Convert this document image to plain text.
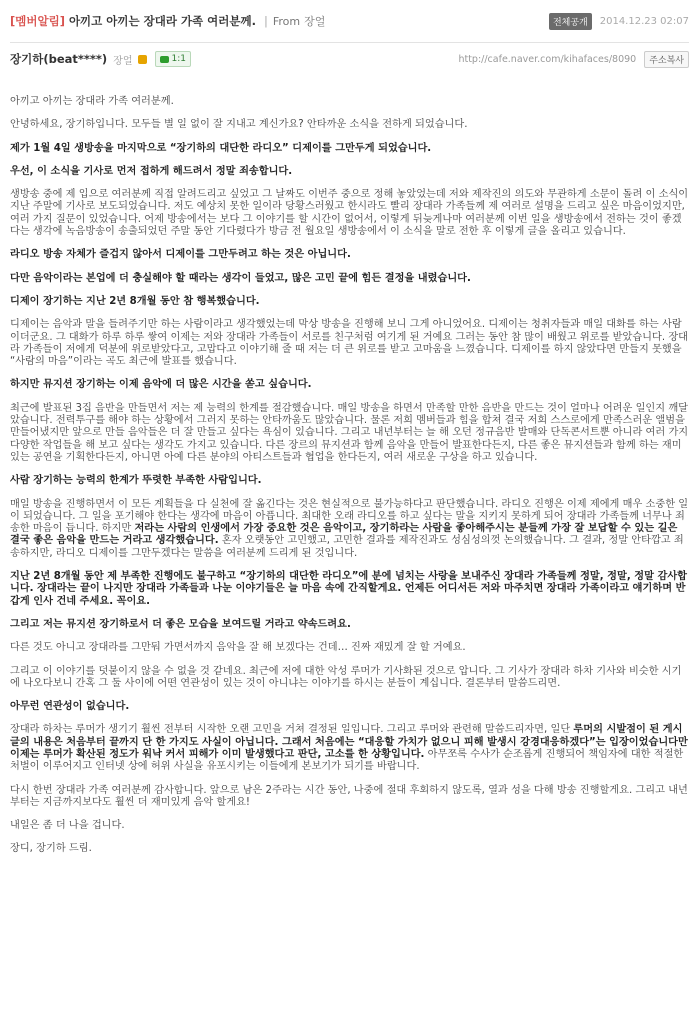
[멤버알림] 아끼고 아끼는 장대라 가족 여러분께. | From 장얼	전체공개	2014.12.23 02:07
장기하(beat****) 장얼	1:1	http://cafe.naver.com/kihafaces/8090	주소복사

아끼고 아끼는 장대라 가족 여러분께.

안녕하세요, 장기하입니다. 모두들 별 일 없이 잘 지내고 계신가요? 안타까운 소식을 전하게 되었습니다.

제가 1월 4일 생방송을 마지막으로 “장기하의 대단한 라디오” 디제이를 그만두게 되었습니다.

우선, 이 소식을 기사로 먼저 접하게 해드려서 정말 죄송합니다.

생방송 중에 제 입으로 여러분께 직접 알려드리고 싶었고 그 날짜도 이번주 중으로 정해 놓았었는데 저와 제작진의 의도와 무관하게 소문이 돌려 이 소식이 지난 주말에 기사로 보도되었습니다. 저도 예상치 못한 일이라 당황스러웠고 한시라도 빨리 장대라 가족들께 제 여러로 설명을 드리고 싶은 마음이었지만, 여러 가지 질문이 있었습니다. 어제 방송에서는 보다 그 이야기를 할 시간이 없어서, 이렇게 뒤늦게나마 여러분께 이번 일을 생방송에서 전하는 것이 좋겠다는 생각에 녹음방송이 송출되었던 주말 동안 기다렸다가 방금 전 월요일 생방송에서 이 소식을 말로 전한 후 이렇게 글을 올리고 있습니다.

라디오 방송 자체가 즐겁지 않아서 디제이를 그만두려고 하는 것은 아닙니다.

다만 음악이라는 본업에 더 충실해야 할 때라는 생각이 들었고, 많은 고민 끝에 힘든 결정을 내렸습니다.

디제이 장기하는 지난 2년 8개월 동안 참 행복했습니다.

디제이는 음악과 말을 들려주기만 하는 사람이라고 생각했었는데 막상 방송을 진행해 보니 그게 아니었어요. 디제이는 청취자들과 매일 대화를 하는 사람이더군요. 그 대화가 하루 하루 쌓여 이제는 저와 장대라 가족들이 서로를 친구처럼 여기게 된 거예요 그러는 동안 참 많이 배웠고 위로를 받았습니다. 장대라 가족들이 저에게 덕분에 위로받았다고, 고맙다고 이야기해 줄 때 저는 더 큰 위로를 받고 고마움을 느꼈습니다. 디제이를 하지 않았다면 만들지 못했을 “사람의 마음”이라는 곡도 최근에 발표를 했습니다.

하지만 뮤지션 장기하는 이제 음악에 더 많은 시간을 쏟고 싶습니다.

최근에 발표된 3집 음반을 만들면서 저는 제 능력의 한계를 절감했습니다. 매일 방송을 하면서 만족할 만한 음반을 만드는 것이 얼마나 어려운 일인지 깨달았습니다. 전력투구를 해야 하는 상황에서 그러지 못하는 안타까움도 많았습니다. 물론 저희 멤버들과 힘을 합쳐 결국 저희 스스로에게 만족스러운 앨범을 만들어냈지만 앞으로 만들 음악들은 더 잘 만들고 싶다는 욕심이 있습니다. 그리고 내년부터는 늘 해 오던 정규음반 발매와 단독콘서트뿐 아니라 여러 가지 다양한 작업들을 해 보고 싶다는 생각도 가지고 있습니다. 다른 장르의 뮤지션과 함께 음악을 만들어 발표한다든지, 다른 좋은 뮤지션들과 함께 하는 재미있는 공연을 기획한다든지, 아니면 아예 다른 분야의 아티스트들과 협업을 한다든지, 여러 새로운 구상을 하고 있습니다.

사람 장기하는 능력의 한계가 뚜렷한 부족한 사람입니다.

매일 방송을 진행하면서 이 모든 계획들을 다 실천에 잘 옮긴다는 것은 현실적으로 불가능하다고 판단했습니다. 라디오 진행은 이제 제에게 매우 소중한 일이 되었습니다. 그 일을 포기해야 한다는 생각에 마음이 아픕니다. 최대한 오래 라디오를 하고 싶다는 말을 지키지 못하게 되어 장대라 가족들께 너무나 죄송한 마음이 듭니다. 하지만 저라는 사람의 인생에서 가장 중요한 것은 음악이고, 장기하라는 사람을 좋아해주시는 분들께 가장 잘 보답할 수 있는 길은 결국 좋은 음악을 만드는 거라고 생각했습니다. 혼자 오랫동안 고민했고, 고민한 결과를 제작진과도 성심성의껏 논의했습니다. 그 결과, 정말 안타깝고 죄송하지만, 라디오 디제이를 그만두겠다는 말씀을 여러분께 드리게 된 것입니다.

지난 2년 8개월 동안 제 부족한 진행에도 불구하고 “장기하의 대단한 라디오”에 분에 넘치는 사랑을 보내주신 장대라 가족들께 정말, 정말, 정말 감사합니다. 장대라는 끝이 나지만 장대라 가족들과 나눈 이야기들은 늘 마음 속에 간직할게요. 언제든 어디서든 저와 마주치면 장대라 가족이라고 얘기하며 반갑게 인사 건네 주세요. 꼭이요.

그리고 저는 뮤지션 장기하로서 더 좋은 모습을 보여드릴 거라고 약속드려요.

다른 것도 아니고 장대라를 그만둬 가면서까지 음악을 잘 해 보겠다는 건데… 진짜 재밌게 잘 할 거예요.

그리고 이 이야기를 덧붙이지 않을 수 없을 것 같네요. 최근에 저에 대한 악성 루머가 기사화된 것으로 압니다. 그 기사가 장대라 하차 기사와 비슷한 시기에 나오다보니 간혹 그 둘 사이에 어떤 연관성이 있는 것이 아니냐는 이야기를 하시는 분들이 계십니다. 결론부터 말씀드리면.

아무런 연관성이 없습니다.

장대라 하차는 루머가 생기기 훨씬 전부터 시작한 오랜 고민을 거쳐 결정된 일입니다. 그리고 루머와 관련해 말씀드리자면, 일단 루머의 시발점이 된 게시글의 내용은 처음부터 끝까지 단 한 가지도 사실이 아닙니다. 그래서 처음에는 “대응할 가치가 없으니 피해 발생시 강경대응하겠다”는 입장이었습니다만 이제는 루머가 확산된 정도가 워낙 커서 피해가 이미 발생했다고 판단, 고소를 한 상황입니다. 아무쪼록 수사가 순조롭게 진행되어 책임자에 대한 적절한 처벌이 이루어지고 인터넷 상에 허위 사실을 유포시키는 이들에게 본보기가 되기를 바랍니다.

다시 한번 장대라 가족 여러분께 감사합니다. 앞으로 남은 2주라는 시간 동안, 나중에 절대 후회하지 않도록, 열과 성을 다해 방송 진행할게요. 그리고 내년부터는 지금까지보다도 훨씬 더 재미있게 음악 할게요!

내일은 좀 더 나을 겁니다.

장디, 장기하 드림.
